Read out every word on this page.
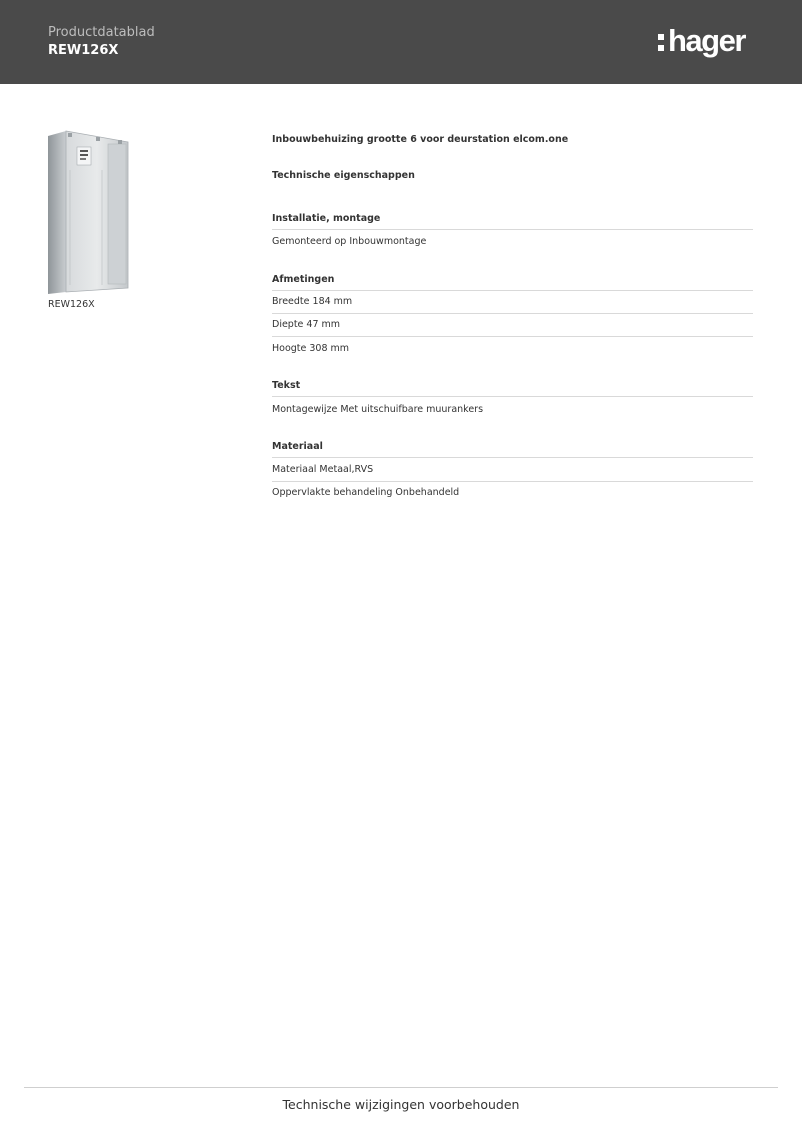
Productdatablad
REW126X	hager
REW126X
Inbouwbehuizing grootte 6 voor deurstation elcom.one
Technische eigenschappen
Installatie, montage
Gemonteerd op Inbouwmontage
Afmetingen
Breedte 184 mm
Diepte 47 mm
Hoogte 308 mm
Tekst
Montagewijze Met uitschuifbare muurankers
Materiaal
Materiaal Metaal,RVS
Oppervlakte behandeling Onbehandeld
Technische wijzigingen voorbehouden
